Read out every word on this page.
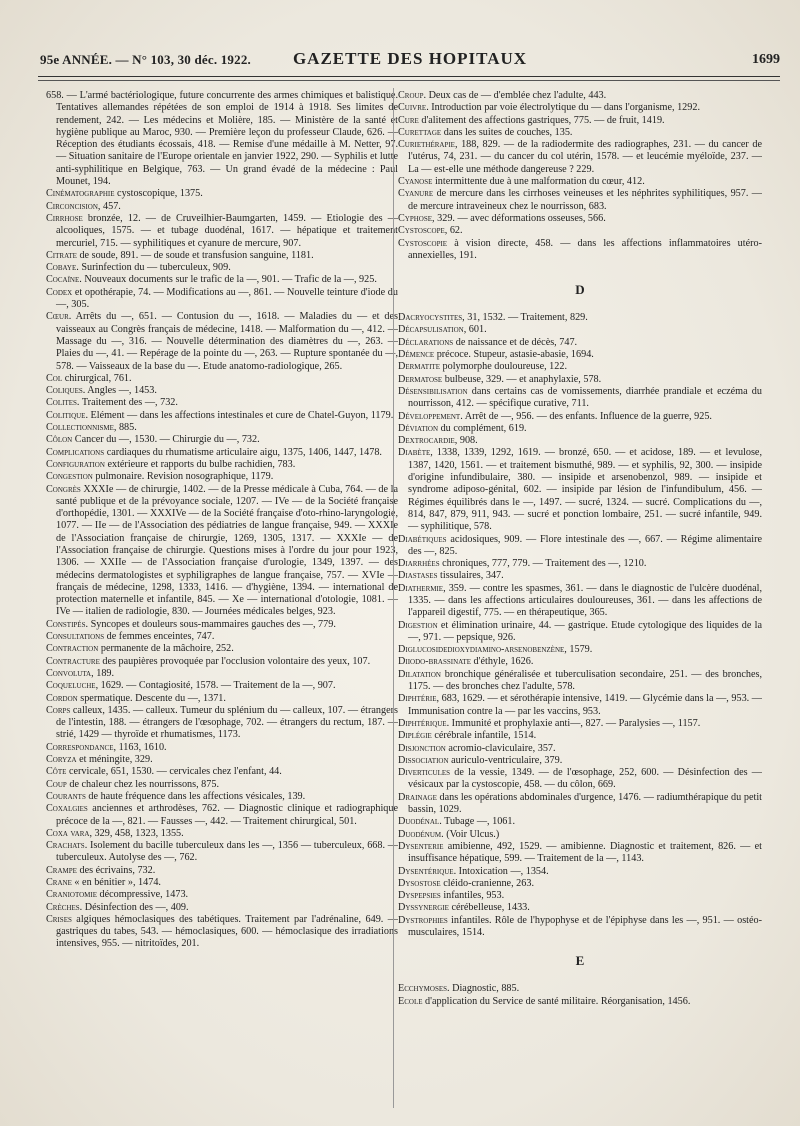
95e ANNÉE. — N° 103, 30 déc. 1922.	GAZETTE DES HOPITAUX	1699

658. — L'armé bactériologique, future concurrente des armes chimiques et balistique. Tentatives allemandes répétées de son emploi de 1914 à 1918. Ses limites de rendement, 242. — Les médecins et Molière, 185. — Ministère de la santé et hygiène publique au Maroc, 930. — Première leçon du professeur Claude, 626. — Réception des étudiants écossais, 418. — Remise d'une médaille à M. Netter, 97. — Situation sanitaire de l'Europe orientale en janvier 1922, 290. — Syphilis et lutte anti-syphilitique en Belgique, 763. — Un grand évadé de la médecine : Paul Mounet, 194.

Cinématographie cystoscopique, 1375.

Circoncision, 457.

Cirrhose bronzée, 12. — de Cruveilhier-Baumgarten, 1459. — Etiologie des — alcooliques, 1575. — et tubage duodénal, 1617. — hépatique et traitement mercuriel, 715. — syphilitiques et cyanure de mercure, 907.

Citrate de soude, 891. — de soude et transfusion sanguine, 1181.

Cobaye. Surinfection du — tuberculeux, 909.

Cocaïne. Nouveaux documents sur le trafic de la —, 901. — Trafic de la —, 925.

Codex et opothérapie, 74. — Modifications au —, 861. — Nouvelle teinture d'iode du —, 305.

Cœur. Arrêts du —, 651. — Contusion du —, 1618. — Maladies du — et des vaisseaux au Congrès français de médecine, 1418. — Malformation du —, 412. — Massage du —, 316. — Nouvelle détermination des diamètres du —, 263. — Plaies du —, 41. — Repérage de la pointe du —, 263. — Rupture spontanée du —, 578. — Vaisseaux de la base du —. Etude anatomo-radiologique, 265.

Col chirurgical, 761.

Coliques. Angles —, 1453.

Colites. Traitement des —, 732.

Colitique. Elément — dans les affections intestinales et cure de Chatel-Guyon, 1179.

Collectionnisme, 885.

Côlon Cancer du —, 1530. — Chirurgie du —, 732.

Complications cardiaques du rhumatisme articulaire aigu, 1375, 1406, 1447, 1478.

Configuration extérieure et rapports du bulbe rachidien, 783.

Congestion pulmonaire. Revision nosographique, 1179.

Congrès XXXIe — de chirurgie, 1402. — de la Presse médicale à Cuba, 764. — de la santé publique et de la prévoyance sociale, 1207. — IVe — de la Société française d'orthopédie, 1301. — XXXIVe — de la Société française d'oto-rhino-laryngologie, 1077. — IIe — de l'Association des pédiatries de langue française, 949. — XXXIe de l'Association française de chirurgie, 1269, 1305, 1317. — XXXIe — de l'Association française de chirurgie. Questions mises à l'ordre du jour pour 1923, 1306. — XXIIe — de l'Association française d'urologie, 1349, 1397. — des médecins dermatologistes et syphiligraphes de langue française, 757. — XVIe — français de médecine, 1298, 1333, 1416. — d'hygiène, 1394. — international de protection maternelle et infantile, 845. — Xe — international d'otologie, 1081. — IVe — italien de radiologie, 830. — Journées médicales belges, 923.

Constipés. Syncopes et douleurs sous-mammaires gauches des —, 779.

Consultations de femmes enceintes, 747.

Contraction permanente de la mâchoire, 252.

Contracture des paupières provoquée par l'occlusion volontaire des yeux, 107.

Convoluta, 189.

Coqueluche, 1629. — Contagiosité, 1578. — Traitement de la —, 907.

Cordon spermatique. Descente du —, 1371.

Corps calleux, 1435. — calleux. Tumeur du splénium du — calleux, 107. — étrangers de l'intestin, 188. — étrangers de l'œsophage, 702. — étrangers du rectum, 187. — strié, 1429 — thyroïde et rhumatismes, 1173.

Correspondance, 1163, 1610.

Coryza et méningite, 329.

Côte cervicale, 651, 1530. — cervicales chez l'enfant, 44.

Coup de chaleur chez les nourrissons, 875.

Courants de haute fréquence dans les affections vésicales, 139.

Coxalgies anciennes et arthrodèses, 762. — Diagnostic clinique et radiographique précoce de la —, 821. — Fausses —, 442. — Traitement chirurgical, 501.

Coxa vara, 329, 458, 1323, 1355.

Crachats. Isolement du bacille tuberculeux dans les —, 1356 — tuberculeux, 668. — tuberculeux. Autolyse des —, 762.

Crampe des écrivains, 732.

Crane « en bénitier », 1474.

Craniotomie décompressive, 1473.

Crèches. Désinfection des —, 409.

Crises algiques hémoclasiques des tabétiques. Traitement par l'adrénaline, 649. — gastriques du tabes, 543. — hémoclasiques, 600. — hémoclasique des irradiations intensives, 955. — nitritoïdes, 201.

Croup. Deux cas de — d'emblée chez l'adulte, 443.

Cuivre. Introduction par voie électrolytique du — dans l'organisme, 1292.

Cure d'alitement des affections gastriques, 775. — de fruit, 1419.

Curettage dans les suites de couches, 135.

Curiethérapie, 188, 829. — de la radiodermite des radiographes, 231. — du cancer de l'utérus, 74, 231. — du cancer du col utérin, 1578. — et leucémie myéloïde, 237. — La — est-elle une méthode dangereuse ? 229.

Cyanose intermittente due à une malformation du cœur, 412.

Cyanure de mercure dans les cirrhoses veineuses et les néphrites syphilitiques, 957. — de mercure intraveineux chez le nourrisson, 683.

Cyphose, 329. — avec déformations osseuses, 566.

Cystoscope, 62.

Cystoscopie à vision directe, 458. — dans les affections inflammatoires utéro-annexielles, 191.

D

Dacryocystites, 31, 1532. — Traitement, 829.

Décapsulisation, 601.

Déclarations de naissance et de décès, 747.

Démence précoce. Stupeur, astasie-abasie, 1694.

Dermatite polymorphe douloureuse, 122.

Dermatose bulbeuse, 329. — et anaphylaxie, 578.

Désensibilisation dans certains cas de vomissements, diarrhée prandiale et eczéma du nourrisson, 412. — spécifique curative, 711.

Développement. Arrêt de —, 956. — des enfants. Influence de la guerre, 925.

Déviation du complément, 619.

Dextrocardie, 908.

Diabète, 1338, 1339, 1292, 1619. — bronzé, 650. — et acidose, 189. — et levulose, 1387, 1420, 1561. — et traitement bismuthé, 989. — et syphilis, 92, 300. — insipide d'origine infundibulaire, 380. — insipide et arsenobenzol, 989. — insipide et syndrome adiposo-génital, 602. — insipide par lésion de l'infundibulum, 456. — Régimes équilibrés dans le —, 1497. — sucré, 1324. — sucré. Complications du —, 814, 847, 879, 911, 943. — sucré et ponction lombaire, 251. — sucré infantile, 949. — syphilitique, 578.

Diabétiques acidosiques, 909. — Flore intestinale des —, 667. — Régime alimentaire des —, 825.

Diarrhées chroniques, 777, 779. — Traitement des —, 1210.

Diastases tissulaires, 347.

Diathermie, 359. — contre les spasmes, 361. — dans le diagnostic de l'ulcère duodénal, 1335. — dans les affections articulaires douloureuses, 361. — dans les affections de l'appareil digestif, 775. — en thérapeutique, 365.

Digestion et élimination urinaire, 44. — gastrique. Etude cytologique des liquides de la —, 971. — pepsique, 926.

Diglucosidedioxydiamino-arsenobenzène, 1579.

Diiodo-brassinate d'éthyle, 1626.

Dilatation bronchique généralisée et tuberculisation secondaire, 251. — des bronches, 1175. — des bronches chez l'adulte, 578.

Diphtérie, 683, 1629. — et sérothérapie intensive, 1419. — Glycémie dans la —, 953. — Immunisation contre la — par les vaccins, 953.

Diphtérique. Immunité et prophylaxie anti—, 827. — Paralysies —, 1157.

Diplégie cérébrale infantile, 1514.

Disjonction acromio-claviculaire, 357.

Dissociation auriculo-ventriculaire, 379.

Diverticules de la vessie, 1349. — de l'œsophage, 252, 600. — Désinfection des — vésicaux par la cystoscopie, 458. — du côlon, 669.

Drainage dans les opérations abdominales d'urgence, 1476. — radiumthérapique du petit bassin, 1029.

Duodénal. Tubage —, 1061.

Duodénum. (Voir Ulcus.)

Dysenterie amibienne, 492, 1529. — amibienne. Diagnostic et traitement, 826. — et insuffisance hépatique, 599. — Traitement de la —, 1143.

Dysentérique. Intoxication —, 1354.

Dysostose cléido-cranienne, 263.

Dyspepsies infantiles, 953.

Dyssynergie cérébelleuse, 1433.

Dystrophies infantiles. Rôle de l'hypophyse et de l'épiphyse dans les —, 951. — ostéo-musculaires, 1514.

E

Ecchymoses. Diagnostic, 885.

Ecole d'application du Service de santé militaire. Réorganisation, 1456.
